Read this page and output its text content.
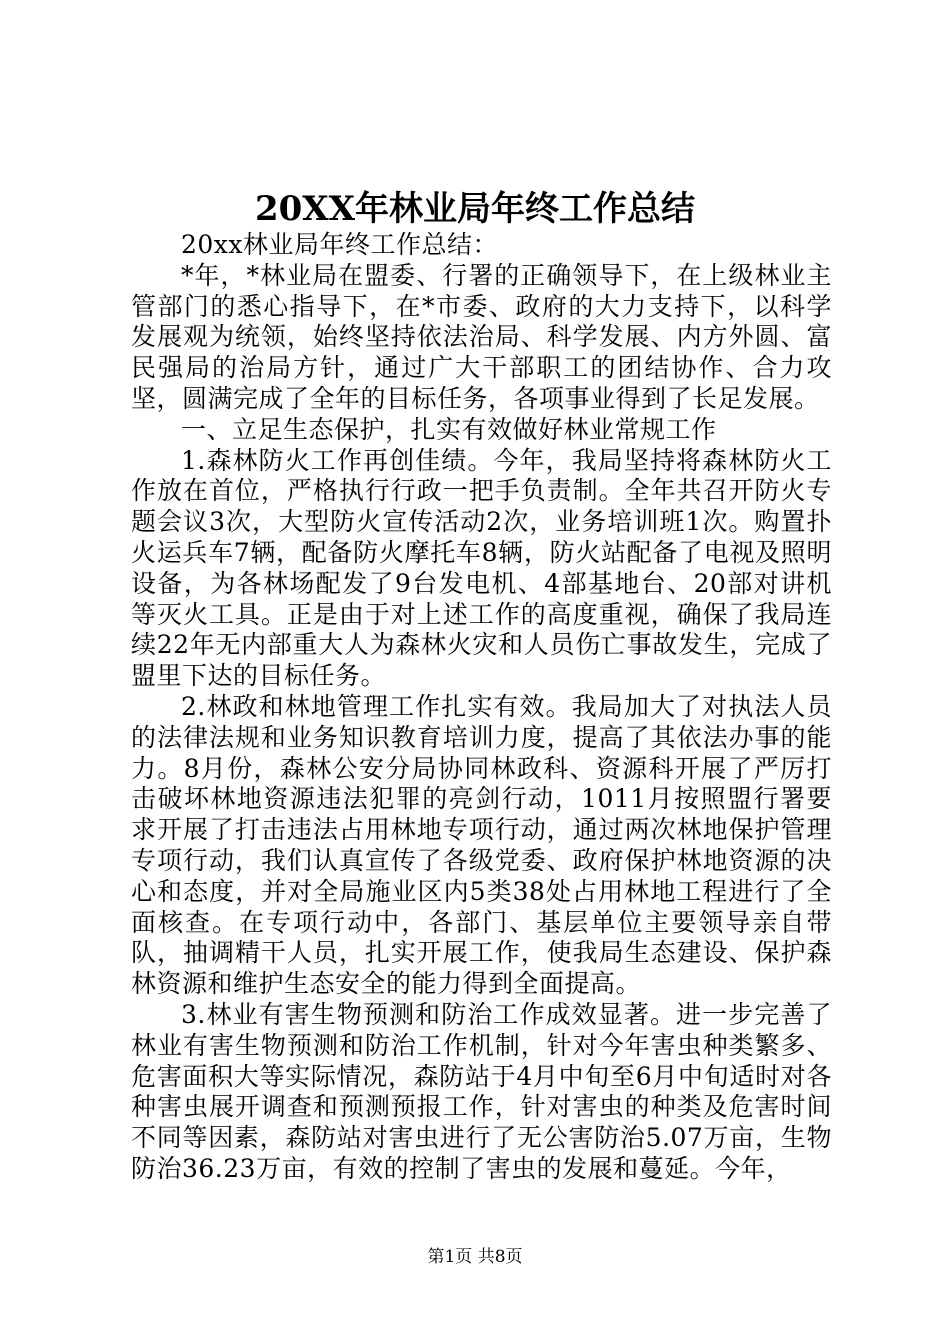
20XX年林业局年终工作总结

20xx林业局年终工作总结：

*年，*林业局在盟委、行署的正确领导下，在上级林业主管部门的悉心指导下，在*市委、政府的大力支持下，以科学发展观为统领，始终坚持依法治局、科学发展、内方外圆、富民强局的治局方针，通过广大干部职工的团结协作、合力攻坚，圆满完成了全年的目标任务，各项事业得到了长足发展。

一、立足生态保护，扎实有效做好林业常规工作

1.森林防火工作再创佳绩。今年，我局坚持将森林防火工作放在首位，严格执行行政一把手负责制。全年共召开防火专题会议3次，大型防火宣传活动2次，业务培训班1次。购置扑火运兵车7辆，配备防火摩托车8辆，防火站配备了电视及照明设备，为各林场配发了9台发电机、4部基地台、20部对讲机等灭火工具。正是由于对上述工作的高度重视，确保了我局连续22年无内部重大人为森林火灾和人员伤亡事故发生，完成了盟里下达的目标任务。

2.林政和林地管理工作扎实有效。我局加大了对执法人员的法律法规和业务知识教育培训力度，提高了其依法办事的能力。8月份，森林公安分局协同林政科、资源科开展了严厉打击破坏林地资源违法犯罪的亮剑行动，1011月按照盟行署要求开展了打击违法占用林地专项行动，通过两次林地保护管理专项行动，我们认真宣传了各级党委、政府保护林地资源的决心和态度，并对全局施业区内5类38处占用林地工程进行了全面核查。在专项行动中，各部门、基层单位主要领导亲自带队，抽调精干人员，扎实开展工作，使我局生态建设、保护森林资源和维护生态安全的能力得到全面提高。

3.林业有害生物预测和防治工作成效显著。进一步完善了林业有害生物预测和防治工作机制，针对今年害虫种类繁多、危害面积大等实际情况，森防站于4月中旬至6月中旬适时对各种害虫展开调查和预测预报工作，针对害虫的种类及危害时间不同等因素，森防站对害虫进行了无公害防治5.07万亩，生物防治36.23万亩，有效的控制了害虫的发展和蔓延。今年，

第1页 共8页
